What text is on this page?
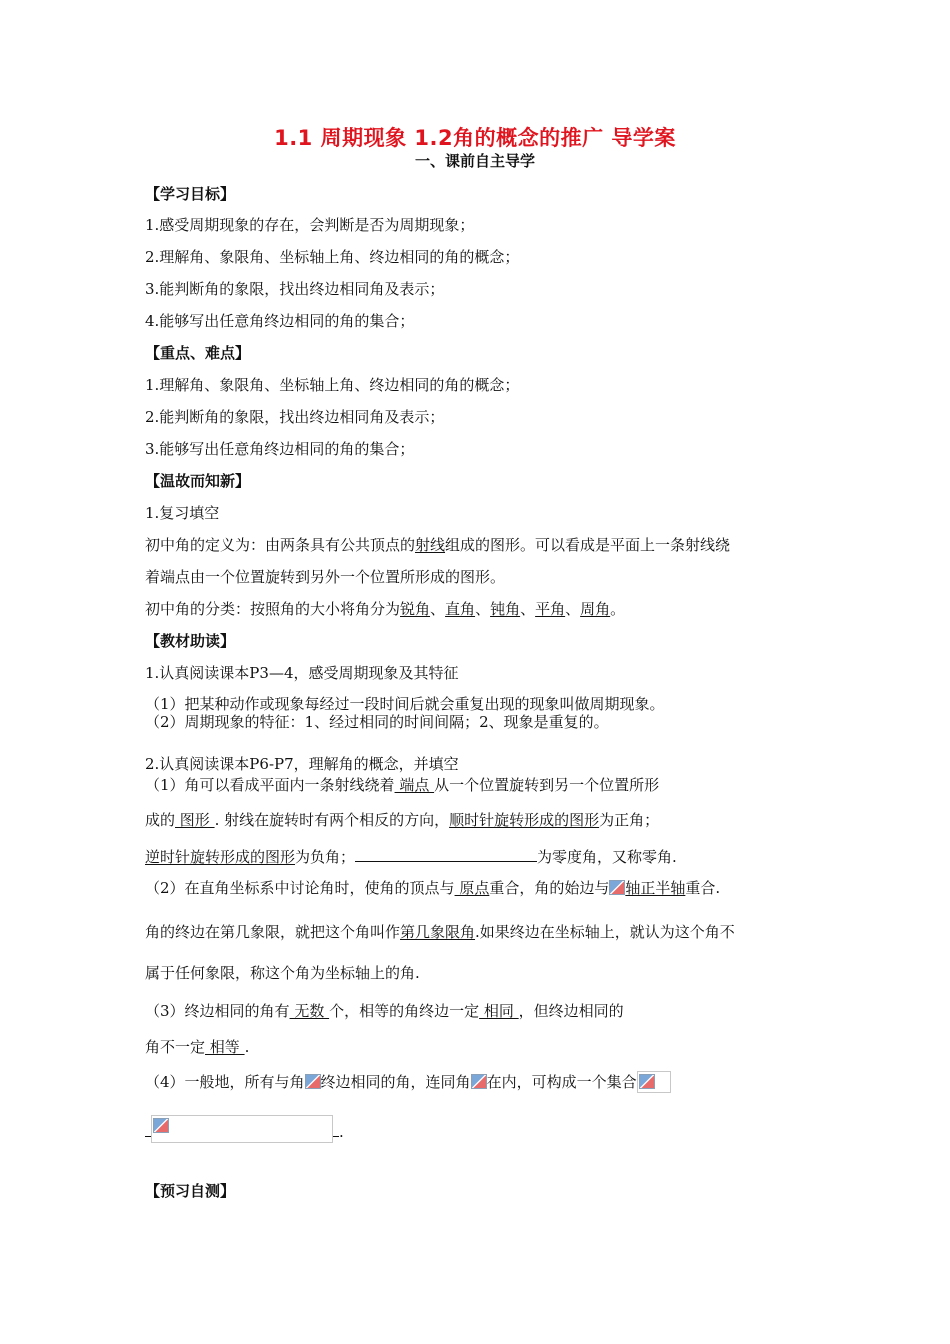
1.1 周期现象 1.2角的概念的推广 导学案
一、课前自主导学
【学习目标】
1.感受周期现象的存在，会判断是否为周期现象；
2.理解角、象限角、坐标轴上角、终边相同的角的概念；
3.能判断角的象限，找出终边相同角及表示；
4.能够写出任意角终边相同的角的集合；
【重点、难点】
1.理解角、象限角、坐标轴上角、终边相同的角的概念；
2.能判断角的象限，找出终边相同角及表示；
3.能够写出任意角终边相同的角的集合；
【温故而知新】
1.复习填空
初中角的定义为：由两条具有公共顶点的射线组成的图形。可以看成是平面上一条射线绕
着端点由一个位置旋转到另外一个位置所形成的图形。
初中角的分类：按照角的大小将角分为锐角、直角、钝角、平角、周角。
【教材助读】
1.认真阅读课本P3—4，感受周期现象及其特征
（1）把某种动作或现象每经过一段时间后就会重复出现的现象叫做周期现象。
（2）周期现象的特征：1、经过相同的时间间隔；2、现象是重复的。
2.认真阅读课本P6-P7，理解角的概念，并填空
（1）角可以看成平面内一条射线绕着 端点 从一个位置旋转到另一个位置所形
成的 图形 . 射线在旋转时有两个相反的方向，顺时针旋转形成的图形为正角；
逆时针旋转形成的图形为负角；	为零度角，又称零角.
（2）在直角坐标系中讨论角时，使角的顶点与 原点重合，角的始边与 轴正半轴重合.
角的终边在第几象限，就把这个角叫作第几象限角.如果终边在坐标轴上，就认为这个角不
属于任何象限，称这个角为坐标轴上的角.
（3）终边相同的角有 无数 个，相等的角终边一定 相同 ，但终边相同的
角不一定 相等 .
（4）一般地，所有与角 终边相同的角，连同角 在内，可构成一个集合
.
【预习自测】
